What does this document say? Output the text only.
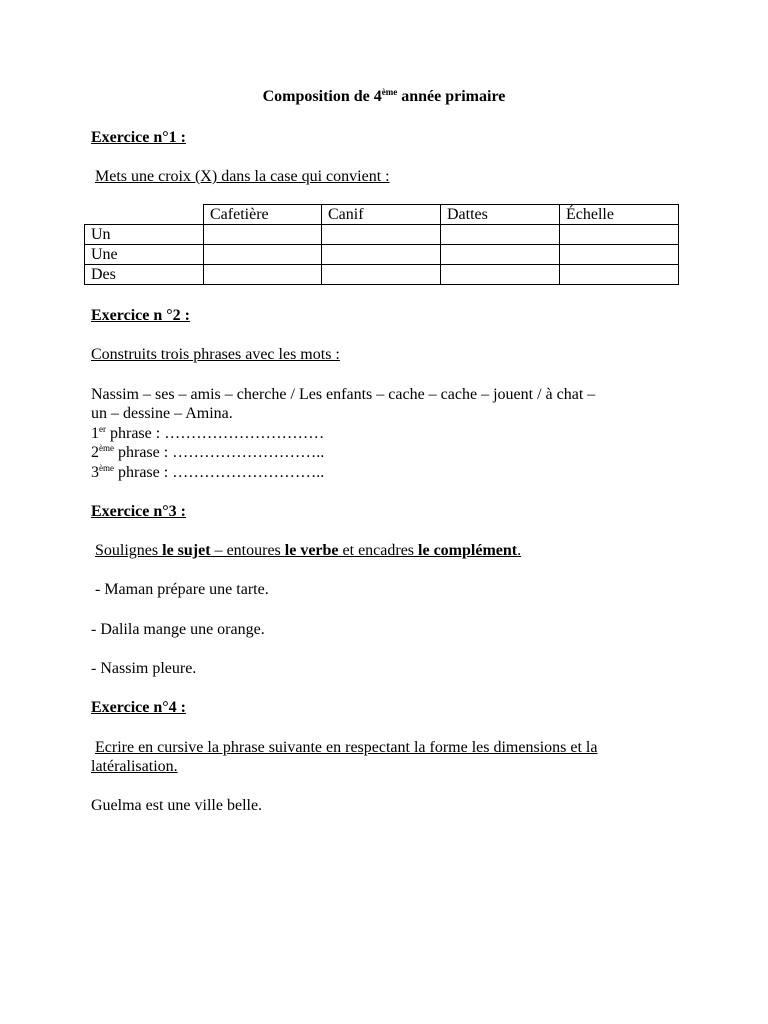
Composition de 4ème année primaire
Exercice n°1 :
Mets une croix (X) dans la case qui convient :
	Cafetière	Canif	Dattes	Échelle
Un				
Une				
Des				
Exercice n °2 :
Construits trois phrases avec les mots :
Nassim – ses – amis – cherche / Les enfants – cache – cache – jouent / à chat –
un – dessine – Amina.
1er phrase : …………………………
2ème phrase : ………………………..
3ème phrase : ………………………..
Exercice n°3 :
Soulignes le sujet – entoures le verbe et encadres le complément.
- Maman prépare une tarte.
- Dalila mange une orange.
- Nassim pleure.
Exercice n°4 :
Ecrire en cursive la phrase suivante en respectant la forme les dimensions et la
latéralisation.
Guelma est une ville belle.
